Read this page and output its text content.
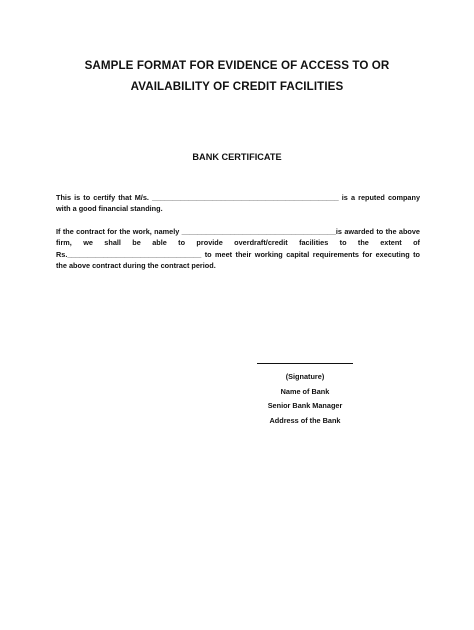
SAMPLE FORMAT FOR EVIDENCE OF ACCESS TO OR
AVAILABILITY OF CREDIT FACILITIES
BANK CERTIFICATE
This is to certify that M/s. ______________________________________________ is a reputed company with a good financial standing.
If the contract for the work, namely ______________________________________is awarded to the above firm, we shall be able to provide overdraft/credit facilities to the extent of Rs._________________________________ to meet their working capital requirements for executing to the above contract during the contract period.
(Signature)
Name of Bank
Senior Bank Manager
Address of the Bank
